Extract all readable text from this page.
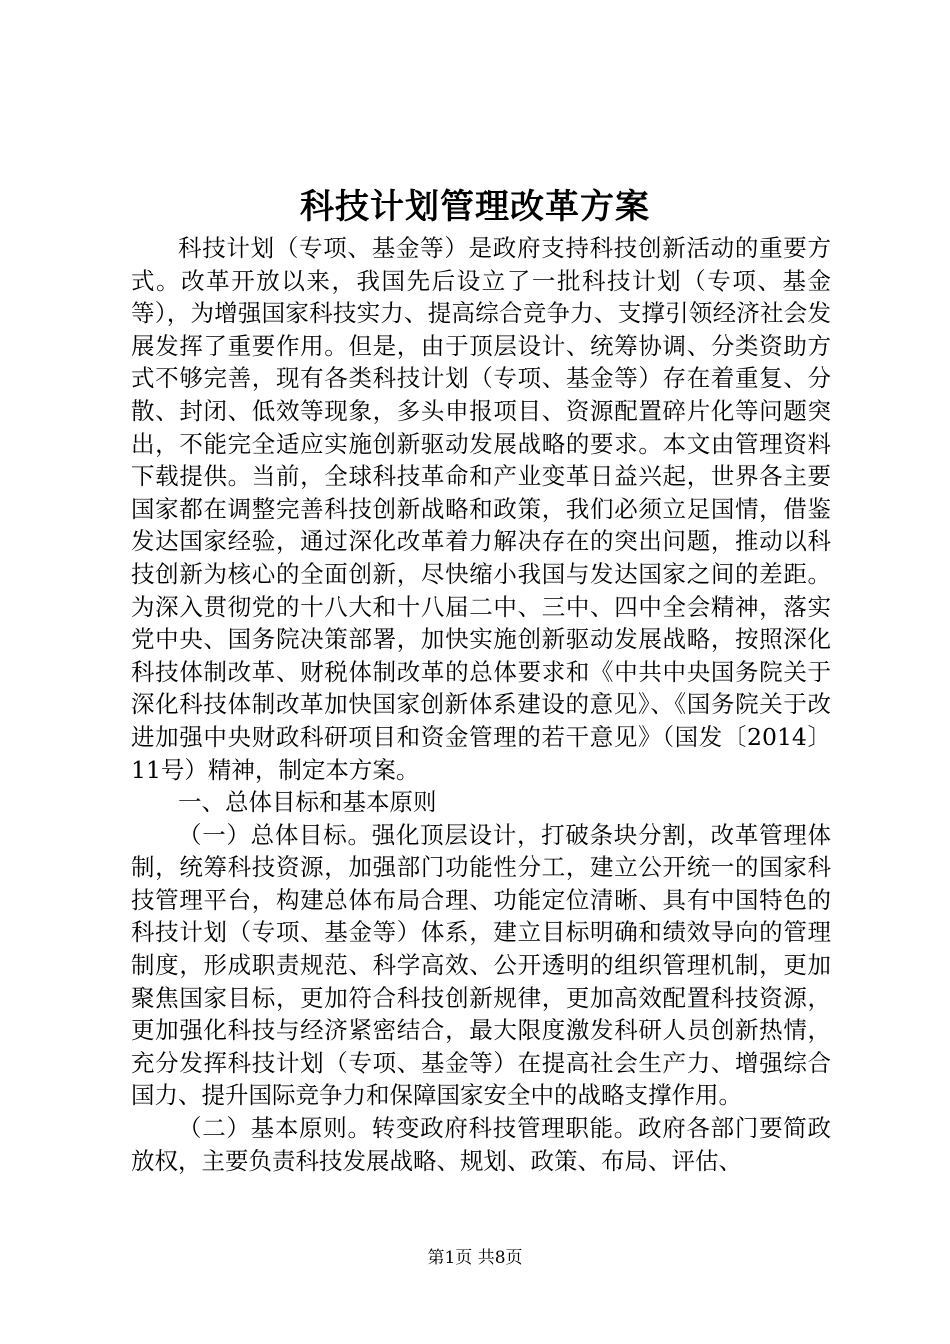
科技计划管理改革方案

科技计划（专项、基金等）是政府支持科技创新活动的重要方式。改革开放以来，我国先后设立了一批科技计划（专项、基金等），为增强国家科技实力、提高综合竞争力、支撑引领经济社会发展发挥了重要作用。但是，由于顶层设计、统筹协调、分类资助方式不够完善，现有各类科技计划（专项、基金等）存在着重复、分散、封闭、低效等现象，多头申报项目、资源配置碎片化等问题突出，不能完全适应实施创新驱动发展战略的要求。本文由管理资料下载提供。当前，全球科技革命和产业变革日益兴起，世界各主要国家都在调整完善科技创新战略和政策，我们必须立足国情，借鉴发达国家经验，通过深化改革着力解决存在的突出问题，推动以科技创新为核心的全面创新，尽快缩小我国与发达国家之间的差距。为深入贯彻党的十八大和十八届二中、三中、四中全会精神，落实党中央、国务院决策部署，加快实施创新驱动发展战略，按照深化科技体制改革、财税体制改革的总体要求和《中共中央国务院关于深化科技体制改革加快国家创新体系建设的意见》、《国务院关于改进加强中央财政科研项目和资金管理的若干意见》（国发〔2014〕11号）精神，制定本方案。

一、总体目标和基本原则

（一）总体目标。强化顶层设计，打破条块分割，改革管理体制，统筹科技资源，加强部门功能性分工，建立公开统一的国家科技管理平台，构建总体布局合理、功能定位清晰、具有中国特色的科技计划（专项、基金等）体系，建立目标明确和绩效导向的管理制度，形成职责规范、科学高效、公开透明的组织管理机制，更加聚焦国家目标，更加符合科技创新规律，更加高效配置科技资源，更加强化科技与经济紧密结合，最大限度激发科研人员创新热情，充分发挥科技计划（专项、基金等）在提高社会生产力、增强综合国力、提升国际竞争力和保障国家安全中的战略支撑作用。

（二）基本原则。转变政府科技管理职能。政府各部门要简政放权，主要负责科技发展战略、规划、政策、布局、评估、

第1页 共8页
